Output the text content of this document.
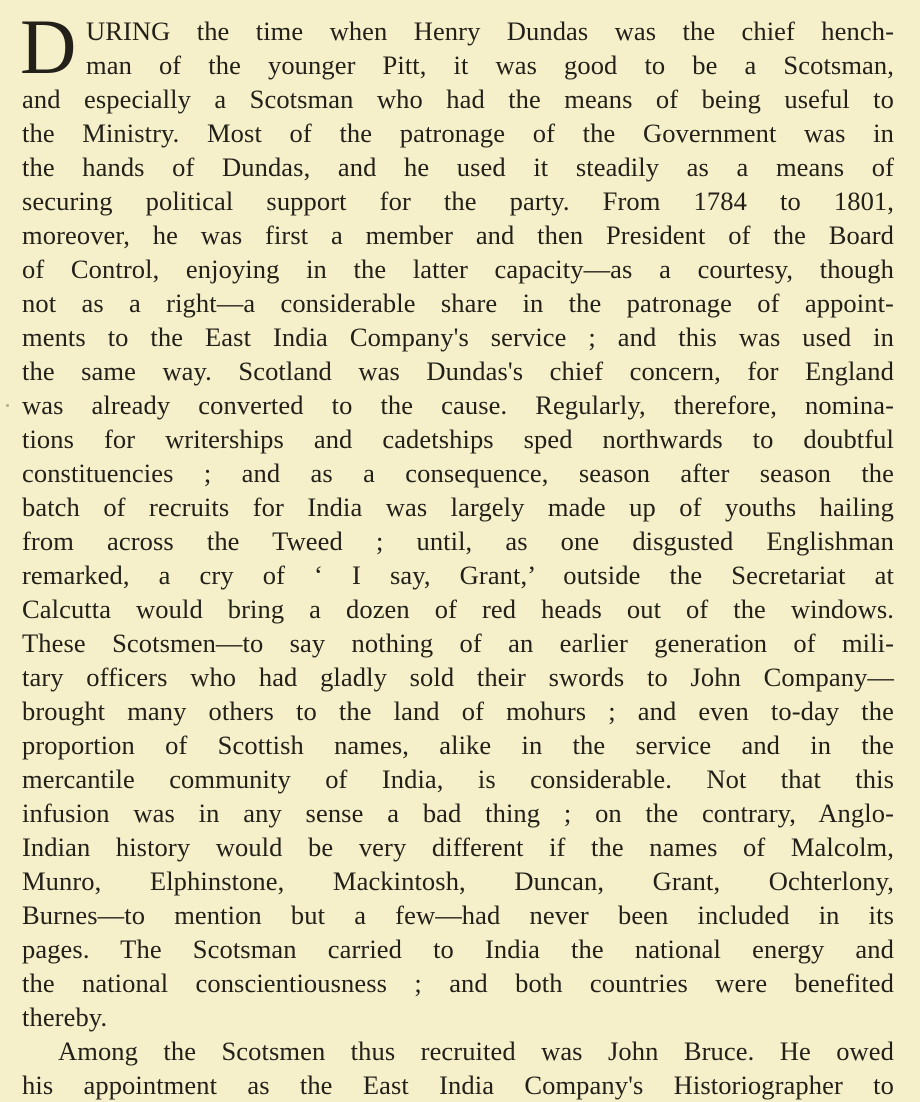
D URING the time when Henry Dundas was the chief hench-
man of the younger Pitt, it was good to be a Scotsman,
and especially a Scotsman who had the means of being useful to
the Ministry. Most of the patronage of the Government was in
the hands of Dundas, and he used it steadily as a means of
securing political support for the party. From 1784 to 1801,
moreover, he was first a member and then President of the Board
of Control, enjoying in the latter capacity—as a courtesy, though
not as a right—a considerable share in the patronage of appoint-
ments to the East India Company's service ; and this was used in
the same way. Scotland was Dundas's chief concern, for England
was already converted to the cause. Regularly, therefore, nomina-
tions for writerships and cadetships sped northwards to doubtful
constituencies ; and as a consequence, season after season the
batch of recruits for India was largely made up of youths hailing
from across the Tweed ; until, as one disgusted Englishman
remarked, a cry of ‘ I say, Grant,’ outside the Secretariat at
Calcutta would bring a dozen of red heads out of the windows.
These Scotsmen—to say nothing of an earlier generation of mili-
tary officers who had gladly sold their swords to John Company—
brought many others to the land of mohurs ; and even to-day the
proportion of Scottish names, alike in the service and in the
mercantile community of India, is considerable. Not that this
infusion was in any sense a bad thing ; on the contrary, Anglo-
Indian history would be very different if the names of Malcolm,
Munro, Elphinstone, Mackintosh, Duncan, Grant, Ochterlony,
Burnes—to mention but a few—had never been included in its
pages. The Scotsman carried to India the national energy and
the national conscientiousness ; and both countries were benefited
thereby.
Among the Scotsmen thus recruited was John Bruce. He owed
his appointment as the East India Company's Historiographer to
